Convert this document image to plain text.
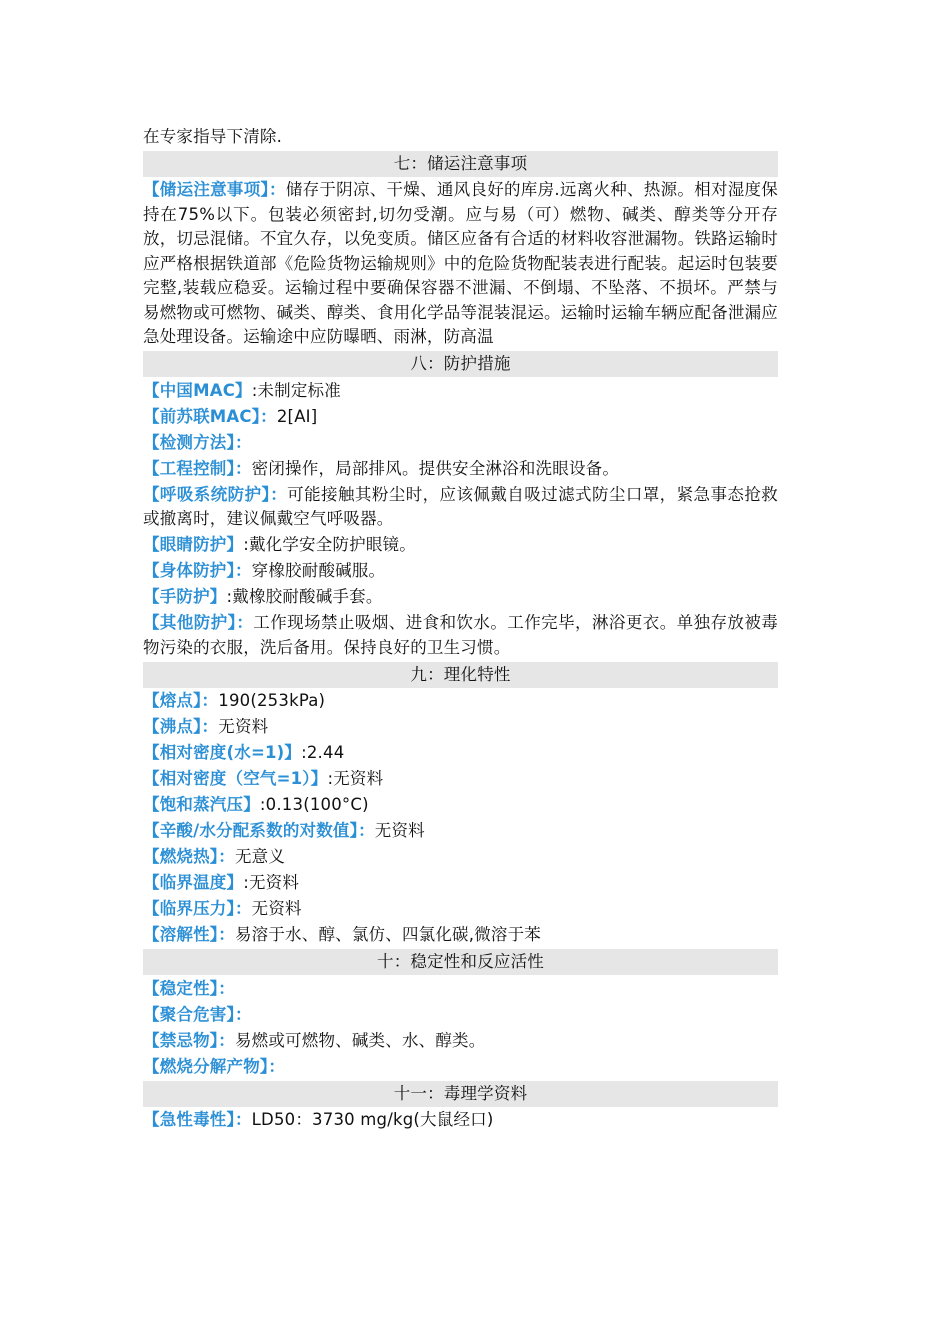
在专家指导下清除.
七：储运注意事项
【储运注意事项】：储存于阴凉、干燥、通风良好的库房.远离火种、热源。相对湿度保持在75%以下。包装必须密封,切勿受潮。应与易（可）燃物、碱类、醇类等分开存放，切忌混储。不宜久存，以免变质。储区应备有合适的材料收容泄漏物。铁路运输时应严格根据铁道部《危险货物运输规则》中的危险货物配装表进行配装。起运时包装要完整,装载应稳妥。运输过程中要确保容器不泄漏、不倒塌、不坠落、不损坏。严禁与易燃物或可燃物、碱类、醇类、食用化学品等混装混运。运输时运输车辆应配备泄漏应急处理设备。运输途中应防曝晒、雨淋，防高温
八：防护措施
【中国MAC】:未制定标准
【前苏联MAC】：2[AI]
【检测方法】：
【工程控制】：密闭操作，局部排风。提供安全淋浴和洗眼设备。
【呼吸系统防护】：可能接触其粉尘时，应该佩戴自吸过滤式防尘口罩，紧急事态抢救或撤离时，建议佩戴空气呼吸器。
【眼睛防护】:戴化学安全防护眼镜。
【身体防护】：穿橡胶耐酸碱服。
【手防护】:戴橡胶耐酸碱手套。
【其他防护】：工作现场禁止吸烟、进食和饮水。工作完毕，淋浴更衣。单独存放被毒物污染的衣服，洗后备用。保持良好的卫生习惯。
九：理化特性
【熔点】：190(253kPa)
【沸点】：无资料
【相对密度(水=1)】:2.44
【相对密度（空气=1）】:无资料
【饱和蒸汽压】:0.13(100°C)
【辛酸/水分配系数的对数值】：无资料
【燃烧热】：无意义
【临界温度】:无资料
【临界压力】：无资料
【溶解性】：易溶于水、醇、氯仿、四氯化碳,微溶于苯
十：稳定性和反应活性
【稳定性】：
【聚合危害】：
【禁忌物】：易燃或可燃物、碱类、水、醇类。
【燃烧分解产物】：
十一：毒理学资料
【急性毒性】：LD50：3730 mg/kg(大鼠经口)
